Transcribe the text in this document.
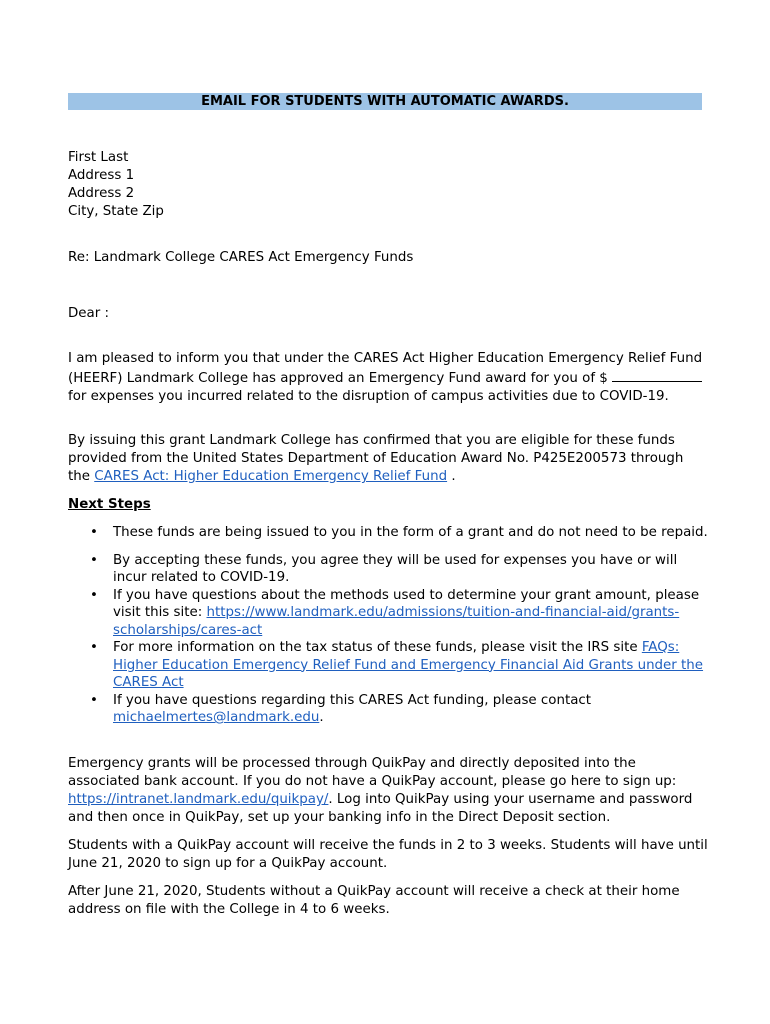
EMAIL FOR STUDENTS WITH AUTOMATIC AWARDS.
First Last
Address 1
Address 2
City, State Zip
Re: Landmark College CARES Act Emergency Funds
Dear :
I am pleased to inform you that under the CARES Act Higher Education Emergency Relief Fund (HEERF) Landmark College has approved an Emergency Fund award for you of $  for expenses you incurred related to the disruption of campus activities due to COVID-19.
By issuing this grant Landmark College has confirmed that you are eligible for these funds provided from the United States Department of Education Award No. P425E200573 through the CARES Act: Higher Education Emergency Relief Fund .
Next Steps
• These funds are being issued to you in the form of a grant and do not need to be repaid.
• By accepting these funds, you agree they will be used for expenses you have or will incur related to COVID-19.
• If you have questions about the methods used to determine your grant amount, please visit this site: https://www.landmark.edu/admissions/tuition-and-financial-aid/grants-scholarships/cares-act
• For more information on the tax status of these funds, please visit the IRS site FAQs: Higher Education Emergency Relief Fund and Emergency Financial Aid Grants under the CARES Act
• If you have questions regarding this CARES Act funding, please contact michaelmertes@landmark.edu.
Emergency grants will be processed through QuikPay and directly deposited into the associated bank account. If you do not have a QuikPay account, please go here to sign up: https://intranet.landmark.edu/quikpay/. Log into QuikPay using your username and password and then once in QuikPay, set up your banking info in the Direct Deposit section.
Students with a QuikPay account will receive the funds in 2 to 3 weeks. Students will have until June 21, 2020 to sign up for a QuikPay account.
After June 21, 2020, Students without a QuikPay account will receive a check at their home address on file with the College in 4 to 6 weeks.
